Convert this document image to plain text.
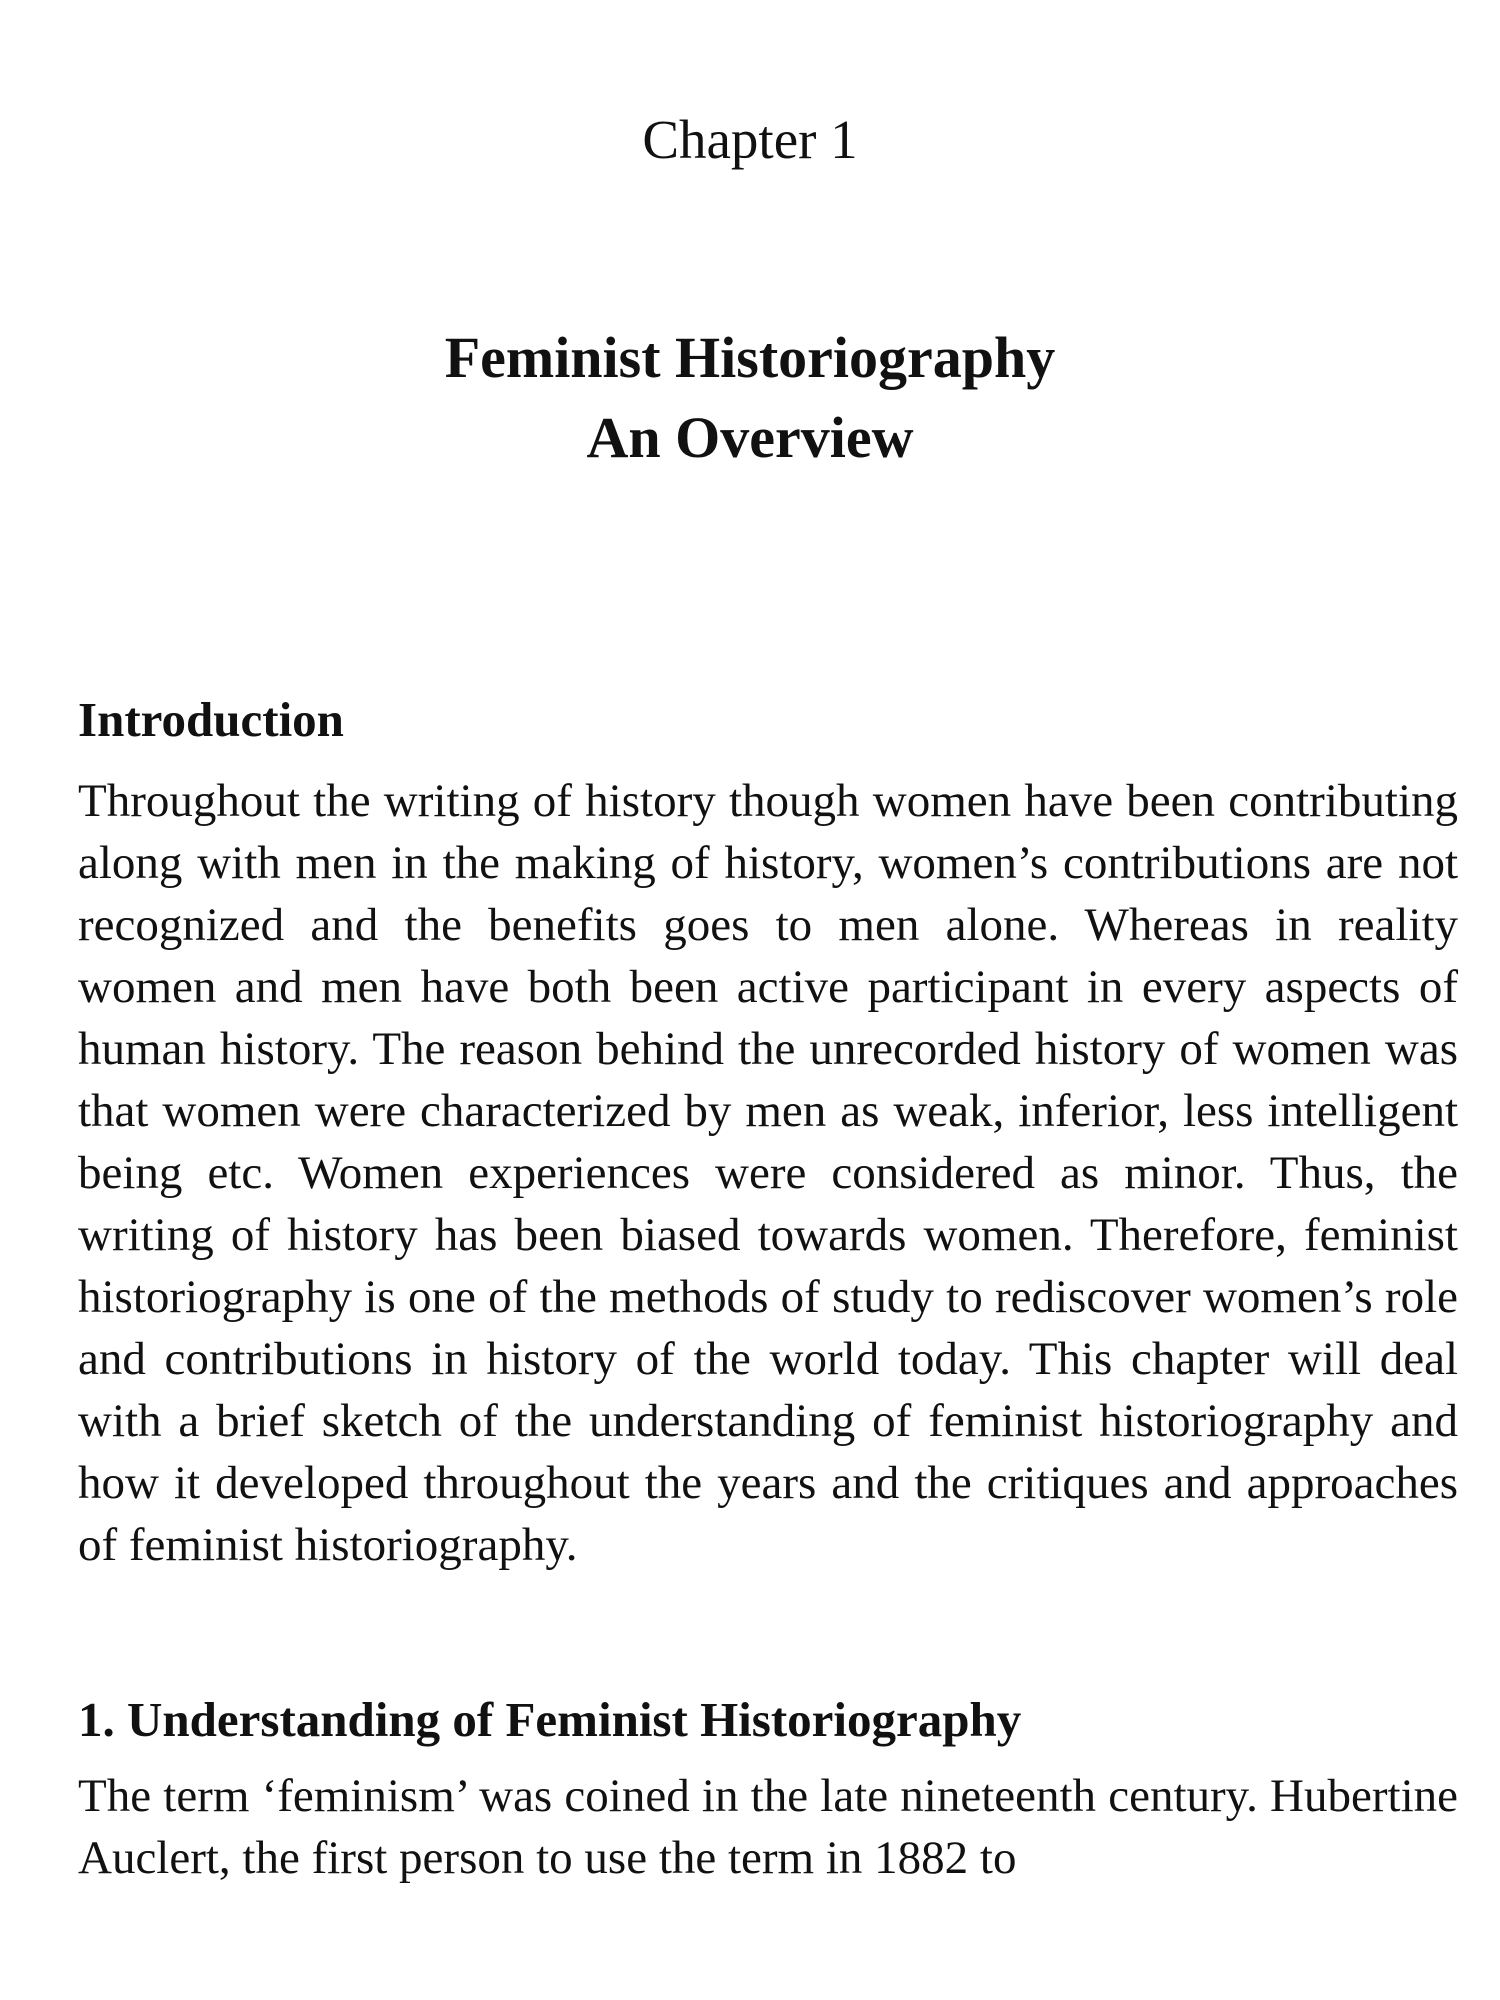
Chapter 1
Feminist Historiography
An Overview
Introduction

Throughout the writing of history though women have been contributing along with men in the making of history, women’s contributions are not recognized and the benefits goes to men alone. Whereas in reality women and men have both been active participant in every aspects of human history. The reason behind the unrecorded history of women was that women were characterized by men as weak, inferior, less intelligent being etc. Women experiences were considered as minor. Thus, the writing of history has been biased towards women. Therefore, feminist historiography is one of the methods of study to rediscover women’s role and contributions in history of the world today. This chapter will deal with a brief sketch of the understanding of feminist historiography and how it developed throughout the years and the critiques and approaches of feminist historiography.

1. Understanding of Feminist Historiography

The term ‘feminism’ was coined in the late nineteenth century. Hubertine Auclert, the first person to use the term in 1882 to
